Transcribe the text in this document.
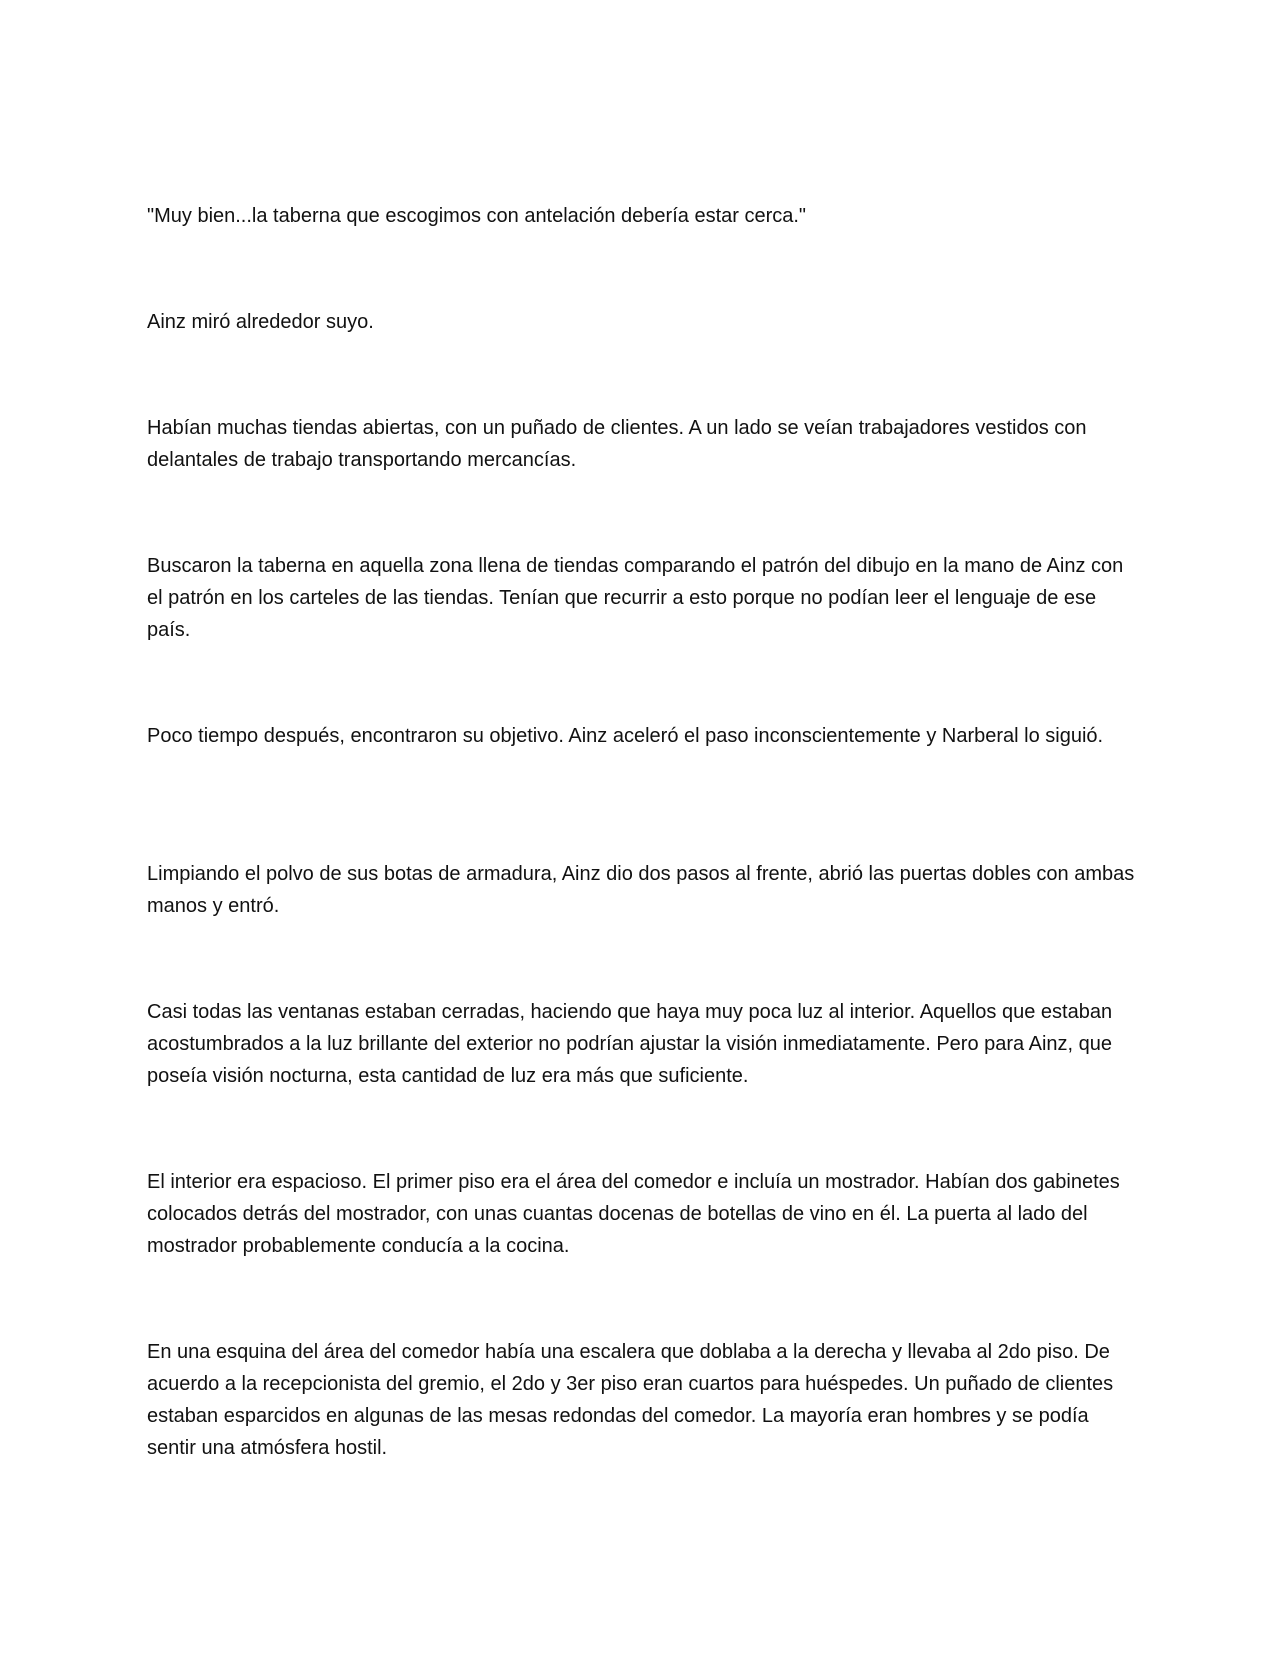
"Muy bien...la taberna que escogimos con antelación debería estar cerca."

Ainz miró alrededor suyo.

Habían muchas tiendas abiertas, con un puñado de clientes. A un lado se veían trabajadores vestidos con delantales de trabajo transportando mercancías.

Buscaron la taberna en aquella zona llena de tiendas comparando el patrón del dibujo en la mano de Ainz con el patrón en los carteles de las tiendas. Tenían que recurrir a esto porque no podían leer el lenguaje de ese país.

Poco tiempo después, encontraron su objetivo. Ainz aceleró el paso inconscientemente y Narberal lo siguió.

Limpiando el polvo de sus botas de armadura, Ainz dio dos pasos al frente, abrió las puertas dobles con ambas manos y entró.

Casi todas las ventanas estaban cerradas, haciendo que haya muy poca luz al interior. Aquellos que estaban acostumbrados a la luz brillante del exterior no podrían ajustar la visión inmediatamente. Pero para Ainz, que poseía visión nocturna, esta cantidad de luz era más que suficiente.

El interior era espacioso. El primer piso era el área del comedor e incluía un mostrador. Habían dos gabinetes colocados detrás del mostrador, con unas cuantas docenas de botellas de vino en él. La puerta al lado del mostrador probablemente conducía a la cocina.

En una esquina del área del comedor había una escalera que doblaba a la derecha y llevaba al 2do piso. De acuerdo a la recepcionista del gremio, el 2do y 3er piso eran cuartos para huéspedes. Un puñado de clientes estaban esparcidos en algunas de las mesas redondas del comedor. La mayoría eran hombres y se podía sentir una atmósfera hostil.
